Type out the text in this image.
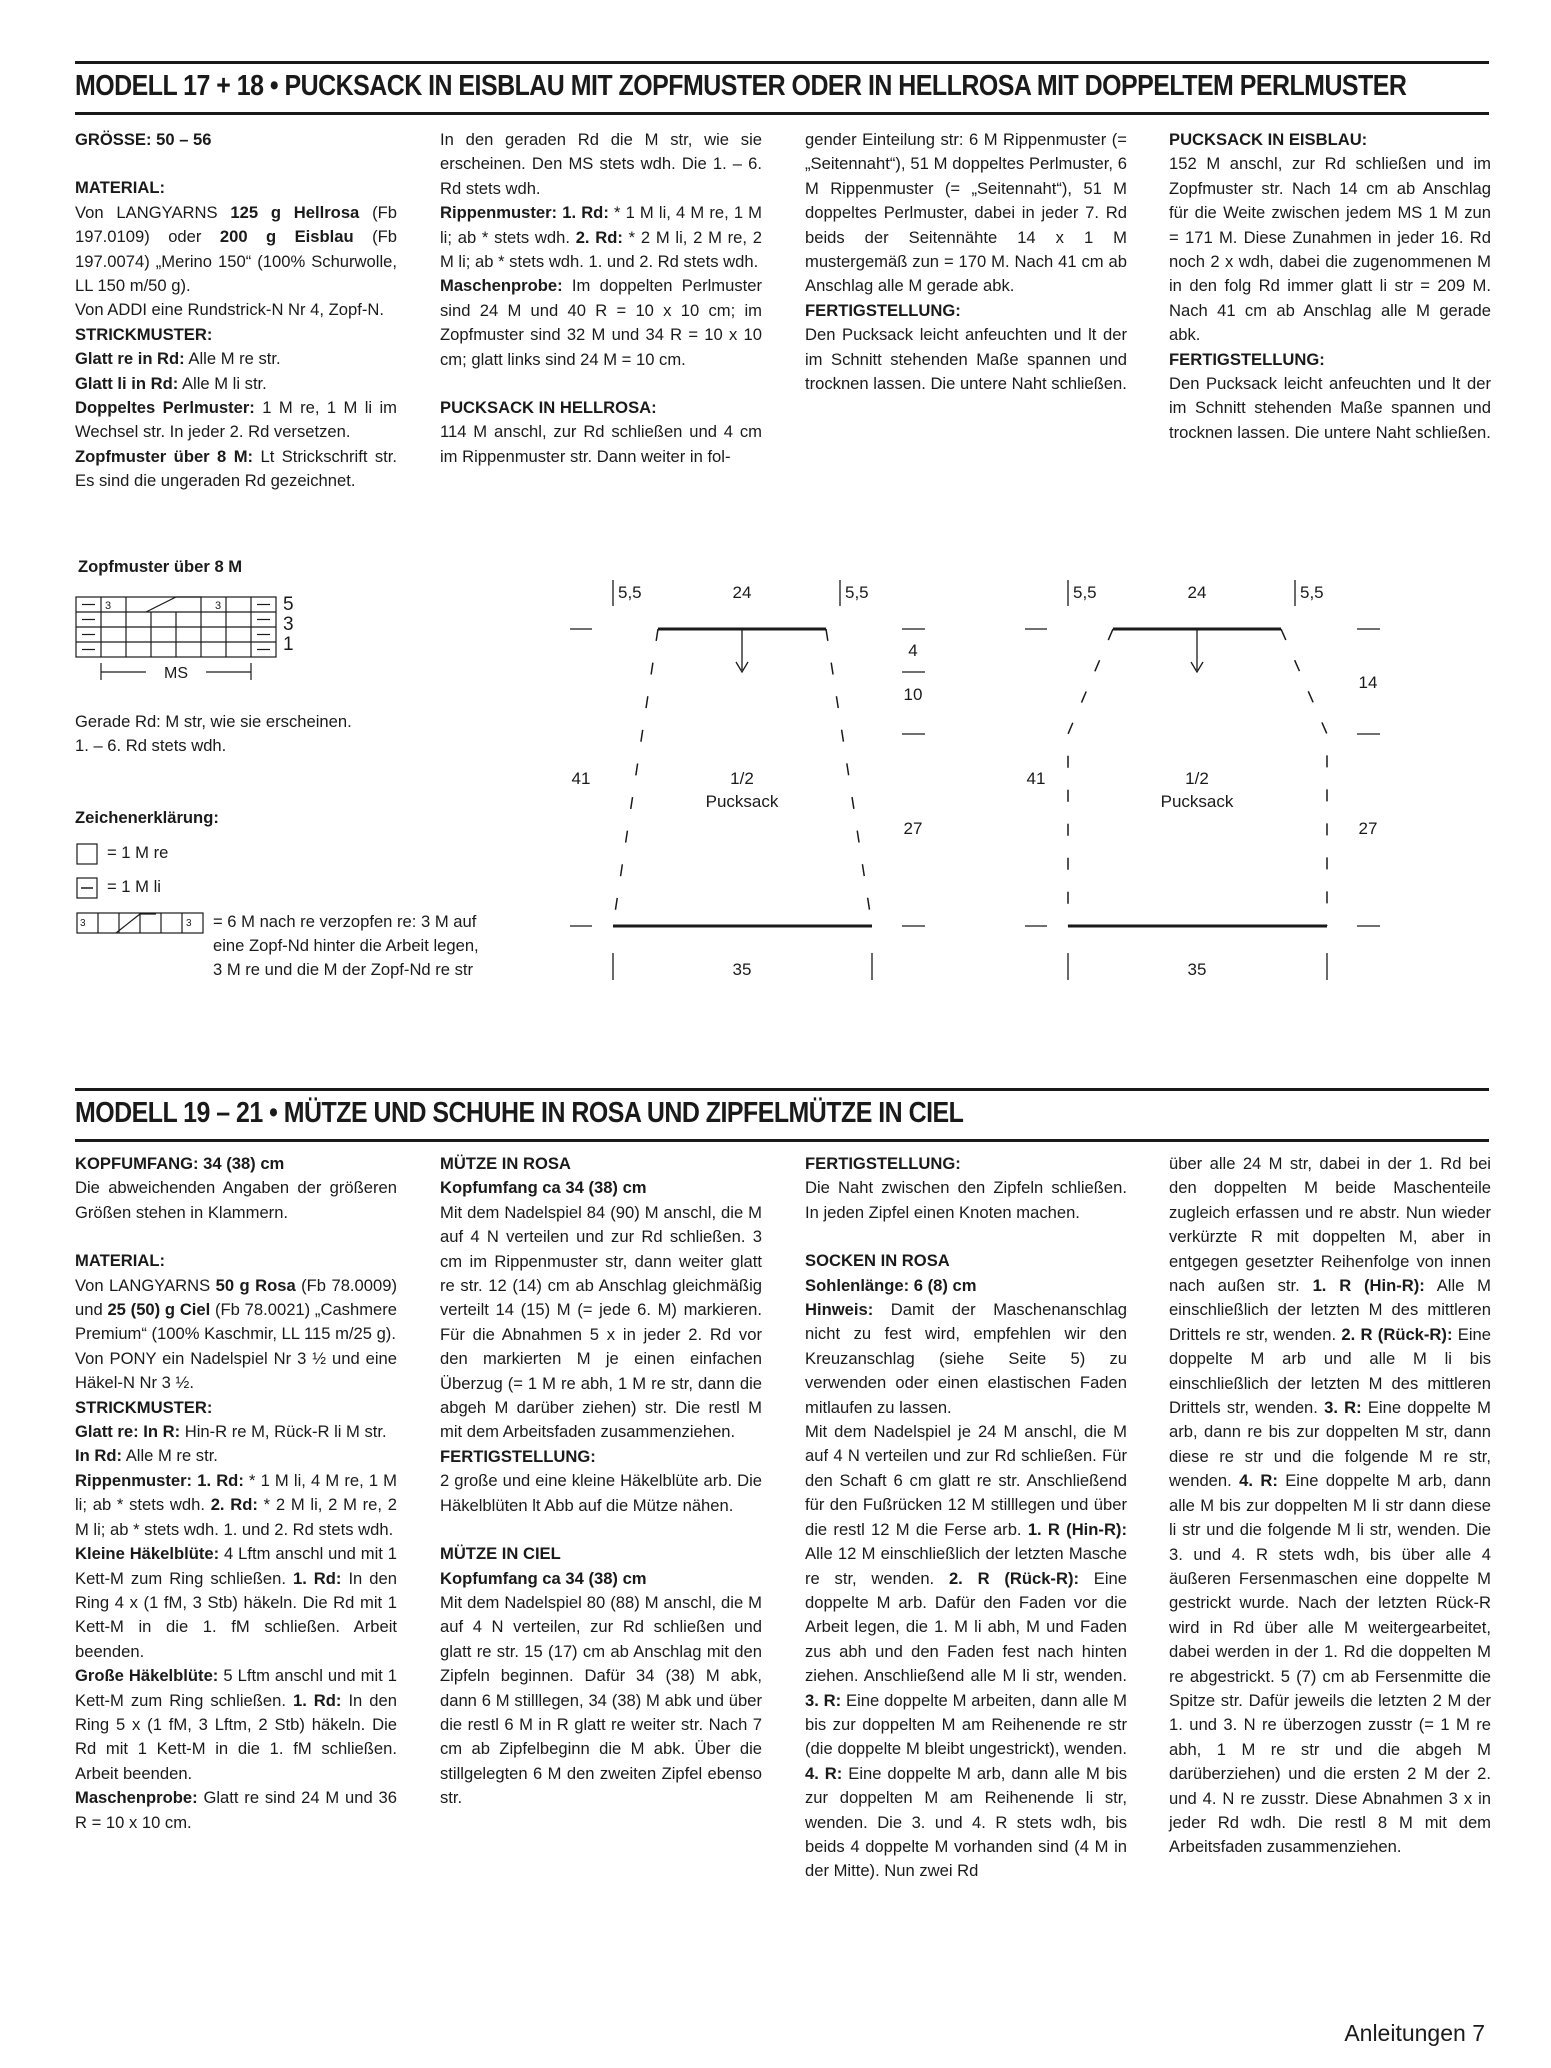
MODELL 17 + 18 • PUCKSACK IN EISBLAU MIT ZOPFMUSTER ODER IN HELLROSA MIT DOPPELTEM PERLMUSTER

GRÖSSE: 50 – 56

MATERIAL:

Von LANGYARNS 125 g Hellrosa (Fb 197.0109) oder 200 g Eisblau (Fb 197.0074) „Merino 150“ (100% Schurwolle, LL 150 m/50 g).

Von ADDI eine Rundstrick-N Nr 4, Zopf-N.

STRICKMUSTER:

Glatt re in Rd: Alle M re str.

Glatt li in Rd: Alle M li str.

Doppeltes Perlmuster: 1 M re, 1 M li im Wechsel str. In jeder 2. Rd versetzen.

Zopfmuster über 8 M: Lt Strickschrift str. Es sind die ungeraden Rd gezeichnet.

In den geraden Rd die M str, wie sie erscheinen. Den MS stets wdh. Die 1. – 6. Rd stets wdh.

Rippenmuster: 1. Rd: * 1 M li, 4 M re, 1 M li; ab * stets wdh. 2. Rd: * 2 M li, 2 M re, 2 M li; ab * stets wdh. 1. und 2. Rd stets wdh.

Maschenprobe: Im doppelten Perlmuster sind 24 M und 40 R = 10 x 10 cm; im Zopfmuster sind 32 M und 34 R = 10 x 10 cm; glatt links sind 24 M = 10 cm.

PUCKSACK IN HELLROSA:

114 M anschl, zur Rd schließen und 4 cm im Rippenmuster str. Dann weiter in fol-

gender Einteilung str: 6 M Rippenmuster (= „Seitennaht“), 51 M doppeltes Perlmuster, 6 M Rippenmuster (= „Seitennaht“), 51 M doppeltes Perlmuster, dabei in jeder 7. Rd beids der Seitennähte 14 x 1 M mustergemäß zun = 170 M. Nach 41 cm ab Anschlag alle M gerade abk.

FERTIGSTELLUNG:

Den Pucksack leicht anfeuchten und lt der im Schnitt stehenden Maße spannen und trocknen lassen. Die untere Naht schließen.

PUCKSACK IN EISBLAU:

152 M anschl, zur Rd schließen und im Zopfmuster str. Nach 14 cm ab Anschlag für die Weite zwischen jedem MS 1 M zun = 171 M. Diese Zunahmen in jeder 16. Rd noch 2 x wdh, dabei die zugenommenen M in den folg Rd immer glatt li str = 209 M. Nach 41 cm ab Anschlag alle M gerade abk.

FERTIGSTELLUNG:

Den Pucksack leicht anfeuchten und lt der im Schnitt stehenden Maße spannen und trocknen lassen. Die untere Naht schließen.

Zopfmuster über 8 M
3	3	5
3
1
MS
Gerade Rd: M str, wie sie erscheinen.
1. – 6. Rd stets wdh.
Zeichenerklärung:
= 1 M re
= 1 M li
3	3 = 6 M nach re verzopfen re: 3 M auf
eine Zopf-Nd hinter die Arbeit legen,
3 M re und die M der Zopf-Nd re str
5,5	24	5,5
4
10
27
41	1/2
Pucksack
35
5,5	24	5,5
14
27
41	1/2
Pucksack
35
MODELL 19 – 21 • MÜTZE UND SCHUHE IN ROSA UND ZIPFELMÜTZE IN CIEL

KOPFUMFANG: 34 (38) cm

Die abweichenden Angaben der größeren Größen stehen in Klammern.

MATERIAL:

Von LANGYARNS 50 g Rosa (Fb 78.0009) und 25 (50) g Ciel (Fb 78.0021) „Cashmere Premium“ (100% Kaschmir, LL 115 m/25 g).

Von PONY ein Nadelspiel Nr 3 ½ und eine Häkel-N Nr 3 ½.

STRICKMUSTER:

Glatt re: In R: Hin-R re M, Rück-R li M str.
In Rd: Alle M re str.

Rippenmuster: 1. Rd: * 1 M li, 4 M re, 1 M li; ab * stets wdh. 2. Rd: * 2 M li, 2 M re, 2 M li; ab * stets wdh. 1. und 2. Rd stets wdh.

Kleine Häkelblüte: 4 Lftm anschl und mit 1 Kett-M zum Ring schließen. 1. Rd: In den Ring 4 x (1 fM, 3 Stb) häkeln. Die Rd mit 1 Kett-M in die 1. fM schließen. Arbeit beenden.

Große Häkelblüte: 5 Lftm anschl und mit 1 Kett-M zum Ring schließen. 1. Rd: In den Ring 5 x (1 fM, 3 Lftm, 2 Stb) häkeln. Die Rd mit 1 Kett-M in die 1. fM schließen. Arbeit beenden.

Maschenprobe: Glatt re sind 24 M und 36 R = 10 x 10 cm.

MÜTZE IN ROSA

Kopfumfang ca 34 (38) cm

Mit dem Nadelspiel 84 (90) M anschl, die M auf 4 N verteilen und zur Rd schließen. 3 cm im Rippenmuster str, dann weiter glatt re str. 12 (14) cm ab Anschlag gleichmäßig verteilt 14 (15) M (= jede 6. M) markieren. Für die Abnahmen 5 x in jeder 2. Rd vor den markierten M je einen einfachen Überzug (= 1 M re abh, 1 M re str, dann die abgeh M darüber ziehen) str. Die restl M mit dem Arbeitsfaden zusammenziehen.

FERTIGSTELLUNG:

2 große und eine kleine Häkelblüte arb. Die Häkelblüten lt Abb auf die Mütze nähen.

MÜTZE IN CIEL

Kopfumfang ca 34 (38) cm

Mit dem Nadelspiel 80 (88) M anschl, die M auf 4 N verteilen, zur Rd schließen und glatt re str. 15 (17) cm ab Anschlag mit den Zipfeln beginnen. Dafür 34 (38) M abk, dann 6 M stilllegen, 34 (38) M abk und über die restl 6 M in R glatt re weiter str. Nach 7 cm ab Zipfelbeginn die M abk. Über die stillgelegten 6 M den zweiten Zipfel ebenso str.

FERTIGSTELLUNG:

Die Naht zwischen den Zipfeln schließen. In jeden Zipfel einen Knoten machen.

SOCKEN IN ROSA

Sohlenlänge: 6 (8) cm

Hinweis: Damit der Maschenanschlag nicht zu fest wird, empfehlen wir den Kreuzanschlag (siehe Seite 5) zu verwenden oder einen elastischen Faden mitlaufen zu lassen.

Mit dem Nadelspiel je 24 M anschl, die M auf 4 N verteilen und zur Rd schließen. Für den Schaft 6 cm glatt re str. Anschließend für den Fußrücken 12 M stilllegen und über die restl 12 M die Ferse arb. 1. R (Hin-R): Alle 12 M einschließlich der letzten Masche re str, wenden. 2. R (Rück-R): Eine doppelte M arb. Dafür den Faden vor die Arbeit legen, die 1. M li abh, M und Faden zus abh und den Faden fest nach hinten ziehen. Anschließend alle M li str, wenden. 3. R: Eine doppelte M arbeiten, dann alle M bis zur doppelten M am Reihenende re str (die doppelte M bleibt ungestrickt), wenden. 4. R: Eine doppelte M arb, dann alle M bis zur doppelten M am Reihenende li str, wenden. Die 3. und 4. R stets wdh, bis beids 4 doppelte M vorhanden sind (4 M in der Mitte). Nun zwei Rd

über alle 24 M str, dabei in der 1. Rd bei den doppelten M beide Maschenteile zugleich erfassen und re abstr. Nun wieder verkürzte R mit doppelten M, aber in entgegen gesetzter Reihenfolge von innen nach außen str. 1. R (Hin-R): Alle M einschließlich der letzten M des mittleren Drittels re str, wenden. 2. R (Rück-R): Eine doppelte M arb und alle M li bis einschließlich der letzten M des mittleren Drittels str, wenden. 3. R: Eine doppelte M arb, dann re bis zur doppelten M str, dann diese re str und die folgende M re str, wenden. 4. R: Eine doppelte M arb, dann alle M bis zur doppelten M li str dann diese li str und die folgende M li str, wenden. Die 3. und 4. R stets wdh, bis über alle 4 äußeren Fersenmaschen eine doppelte M gestrickt wurde. Nach der letzten Rück-R wird in Rd über alle M weitergearbeitet, dabei werden in der 1. Rd die doppelten M re abgestrickt. 5 (7) cm ab Fersenmitte die Spitze str. Dafür jeweils die letzten 2 M der 1. und 3. N re überzogen zusstr (= 1 M re abh, 1 M re str und die abgeh M darüberziehen) und die ersten 2 M der 2. und 4. N re zusstr. Diese Abnahmen 3 x in jeder Rd wdh. Die restl 8 M mit dem Arbeitsfaden zusammenziehen.

Anleitungen 7
